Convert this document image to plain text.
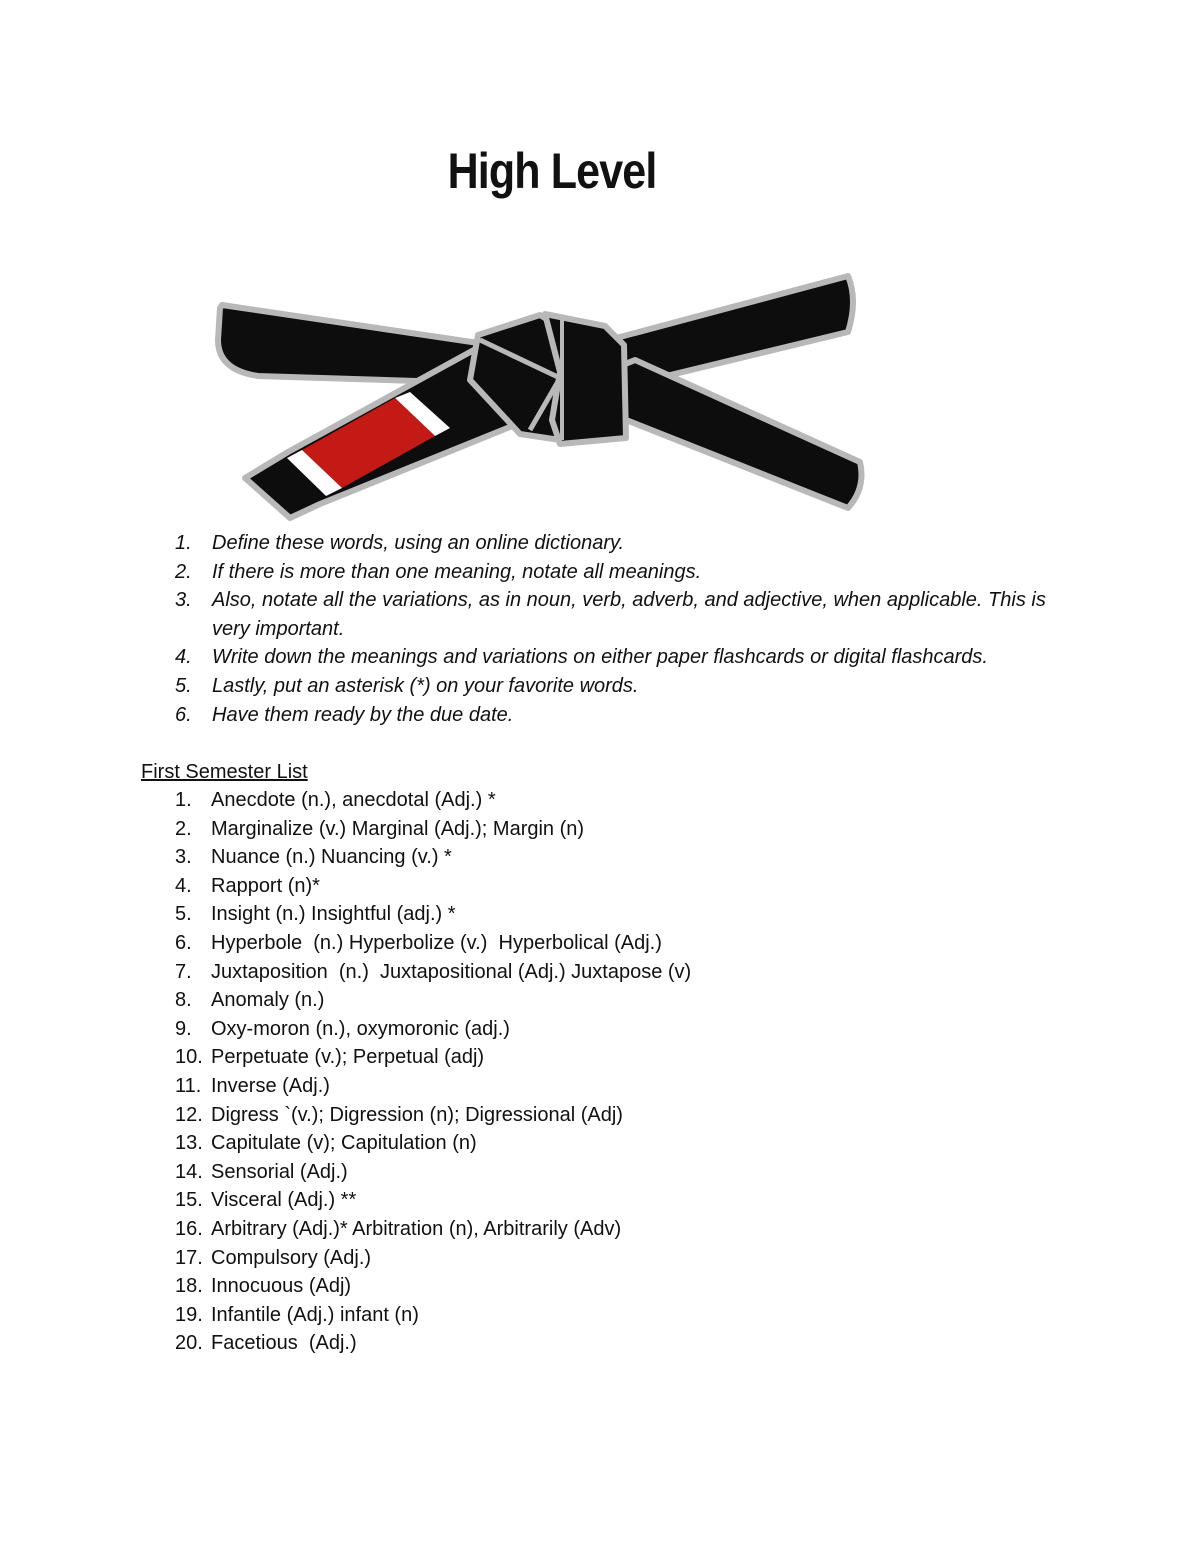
High Level
1.	Define these words, using an online dictionary.
2.	If there is more than one meaning, notate all meanings.
3.	Also, notate all the variations, as in noun, verb, adverb, and adjective, when applicable. This is very important.
4.	Write down the meanings and variations on either paper flashcards or digital flashcards.
5.	Lastly, put an asterisk (*) on your favorite words.
6.	Have them ready by the due date.
First Semester List
1. Anecdote (n.), anecdotal (Adj.) *
2. Marginalize (v.) Marginal (Adj.); Margin (n)
3. Nuance (n.) Nuancing (v.) *
4. Rapport (n)*
5. Insight (n.) Insightful (adj.) *
6. Hyperbole  (n.) Hyperbolize (v.)  Hyperbolical (Adj.)
7. Juxtaposition  (n.)  Juxtapositional (Adj.) Juxtapose (v)
8. Anomaly (n.)
9. Oxy-moron (n.), oxymoronic (adj.)
10. Perpetuate (v.); Perpetual (adj)
11. Inverse (Adj.)
12. Digress `(v.); Digression (n); Digressional (Adj)
13. Capitulate (v); Capitulation (n)
14. Sensorial (Adj.)
15. Visceral (Adj.) **
16. Arbitrary (Adj.)* Arbitration (n), Arbitrarily (Adv)
17. Compulsory (Adj.)
18. Innocuous (Adj)
19. Infantile (Adj.) infant (n)
20. Facetious  (Adj.)
